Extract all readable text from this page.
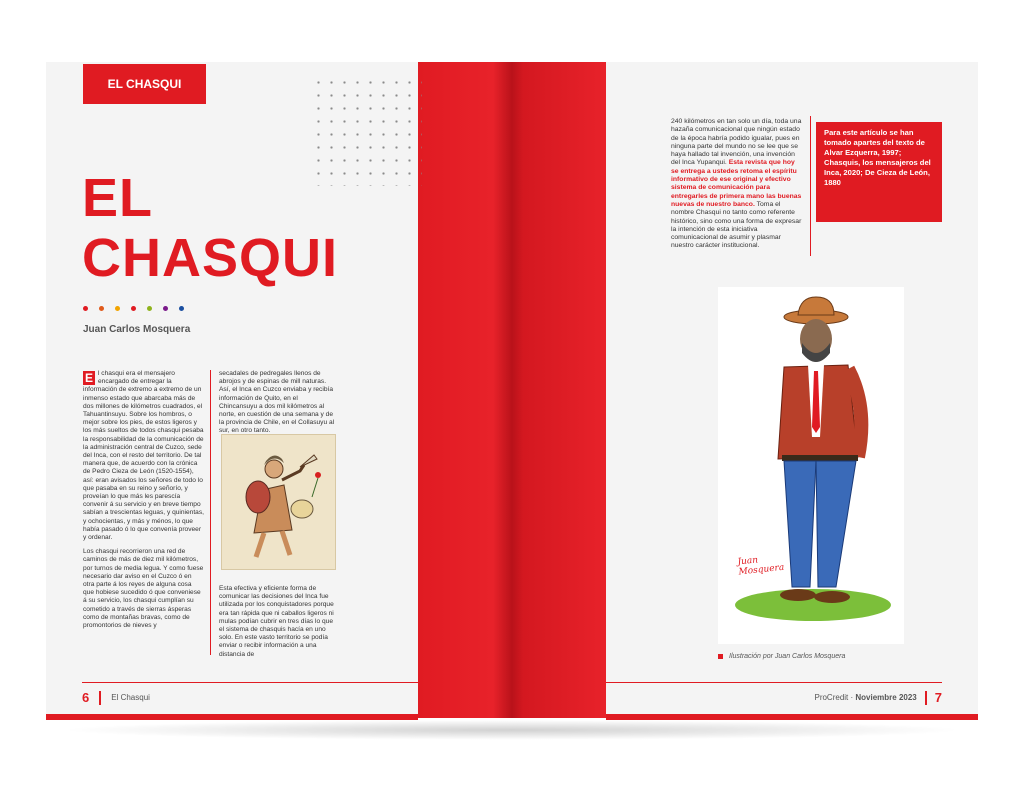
EL CHASQUI
EL
CHASQUI
Juan Carlos Mosquera

E l chasqui era el mensajero encargado de entregar la información de extremo a extremo de un inmenso estado que abarcaba más de dos millones de kilómetros cuadrados, el Tahuantinsuyu. Sobre los hombros, o mejor sobre los pies, de estos ligeros y los más sueltos de todos chasqui pesaba la responsabilidad de la comunicación de la administración central de Cuzco, sede del Inca, con el resto del territorio. De tal manera que, de acuerdo con la crónica de Pedro Cieza de León (1520-1554), así: eran avisados los señores de todo lo que pasaba en su reino y señorío, y proveían lo que más les parescía convenir á su servicio y en breve tiempo sabían a trescientas leguas, y quinientas, y ochocientas, y más y ménos, lo que había pasado ó lo que convenía proveer y ordenar.

Los chasqui recorrieron una red de caminos de más de diez mil kilómetros, por turnos de media legua. Y como fuese necesario dar aviso en el Cuzco ó en otra parte á los reyes de alguna cosa que hobiese sucedido ó que conveniese á su servicio, los chasqui cumplían su cometido a través de sierras ásperas como de montañas bravas, como de promontorios de nieves y

secadales de pedregales llenos de abrojos y de espinas de mill naturas. Así, el Inca en Cuzco enviaba y recibía información de Quito, en el Chincansuyu a dos mil kilómetros al norte, en cuestión de una semana y de la provincia de Chile, en el Collasuyu al sur, en otro tanto.

Esta efectiva y eficiente forma de comunicar las decisiones del Inca fue utilizada por los conquistadores porque era tan rápida que ni caballos ligeros ni mulas podían cubrir en tres días lo que el sistema de chasquis hacía en uno solo. En este vasto territorio se podía enviar o recibir información a una distancia de

6	El Chasqui

240 kilómetros en tan solo un día, toda una hazaña comunicacional que ningún estado de la época habría podido igualar, pues en ninguna parte del mundo no se lee que se haya hallado tal invención, una invención del Inca Yupanqui. Esta revista que hoy se entrega a ustedes retoma el espíritu informativo de ese original y efectivo sistema de comunicación para entregarles de primera mano las buenas nuevas de nuestro banco. Toma el nombre Chasqui no tanto como referente histórico, sino como una forma de expresar la intención de esta iniciativa comunicacional de asumir y plasmar nuestro carácter institucional.

Para este artículo se han tomado apartes del texto de Alvar Ezquerra, 1997; Chasquis, los mensajeros del Inca, 2020; De Cieza de León, 1880
Juan Mosquera
Ilustración por Juan Carlos Mosquera
ProCredit · Noviembre 2023 7
